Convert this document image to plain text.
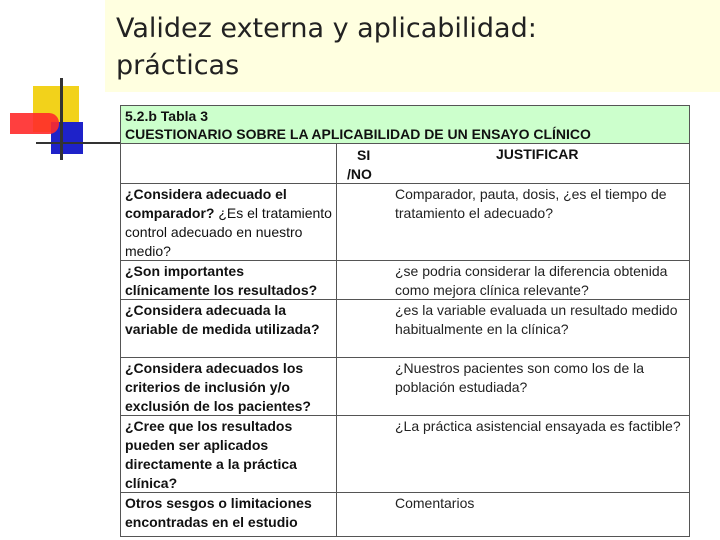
Validez externa y aplicabilidad:
prácticas
5.2.b Tabla 3
CUESTIONARIO SOBRE LA APLICABILIDAD DE UN ENSAYO CLÍNICO
SI
/NO
JUSTIFICAR
¿Considera adecuado el comparador? ¿Es el tratamiento control adecuado en nuestro medio?
Comparador, pauta, dosis, ¿es el tiempo de tratamiento el adecuado?
¿Son importantes clínicamente los resultados?
¿se podria considerar la diferencia obtenida como mejora clínica relevante?
¿Considera adecuada la variable de medida utilizada?
¿es la variable evaluada un resultado medido habitualmente en la clínica?
¿Considera adecuados los criterios de inclusión y/o exclusión de los pacientes?
¿Nuestros pacientes son como los de la población estudiada?
¿Cree que los resultados pueden ser aplicados directamente a la práctica clínica?
¿La práctica asistencial ensayada es factible?
Otros sesgos o limitaciones encontradas en el estudio
Comentarios
